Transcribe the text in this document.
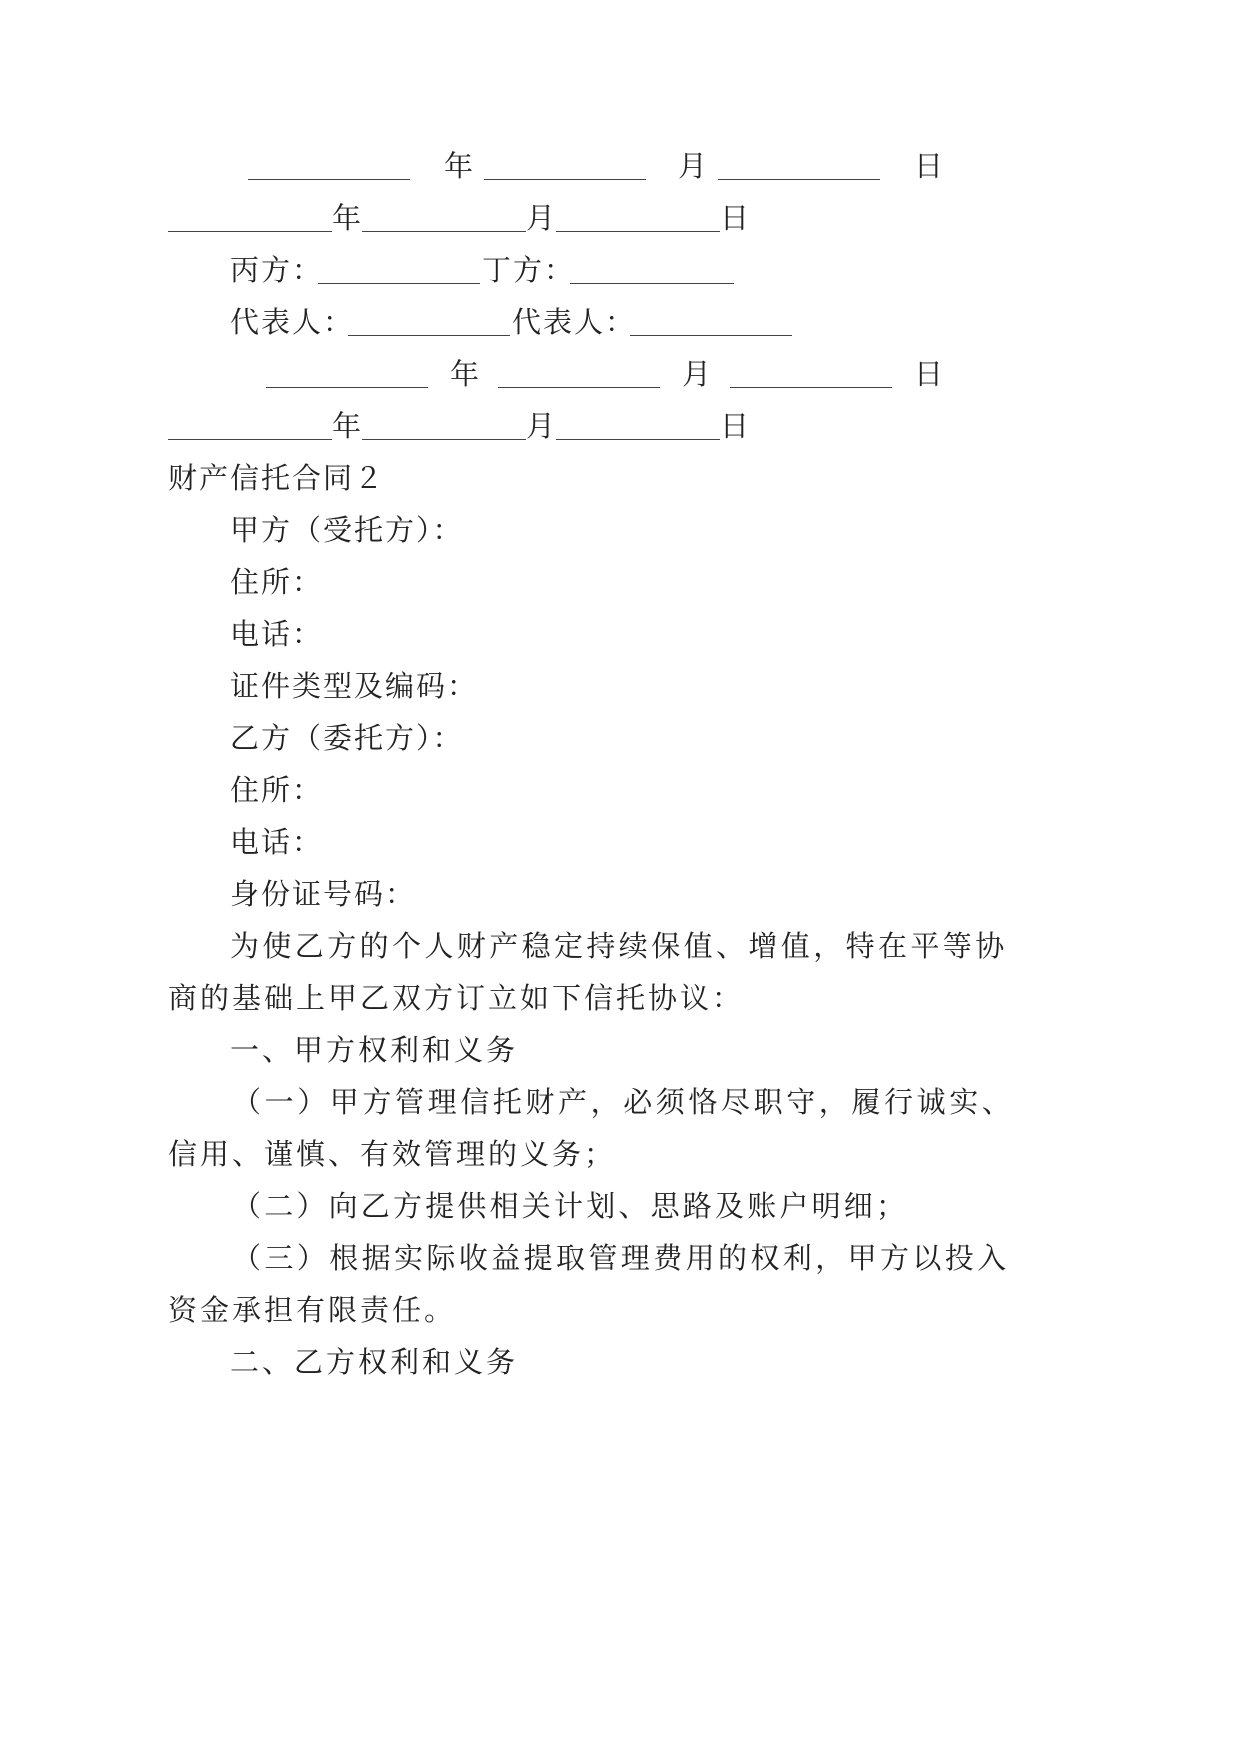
年	月	日
年	月	日
丙方：	丁方：
代表人：	代表人：
年	月	日
年	月	日
财产信托合同２
甲方（受托方）：
住所：
电话：
证件类型及编码：
乙方（委托方）：
住所：
电话：
身份证号码：
为使乙方的个人财产稳定持续保值、增值，特在平等协
商的基础上甲乙双方订立如下信托协议：
一、甲方权利和义务
（一）甲方管理信托财产，必须恪尽职守，履行诚实、
信用、谨慎、有效管理的义务；
（二）向乙方提供相关计划、思路及账户明细；
（三）根据实际收益提取管理费用的权利，甲方以投入
资金承担有限责任。
二、乙方权利和义务
